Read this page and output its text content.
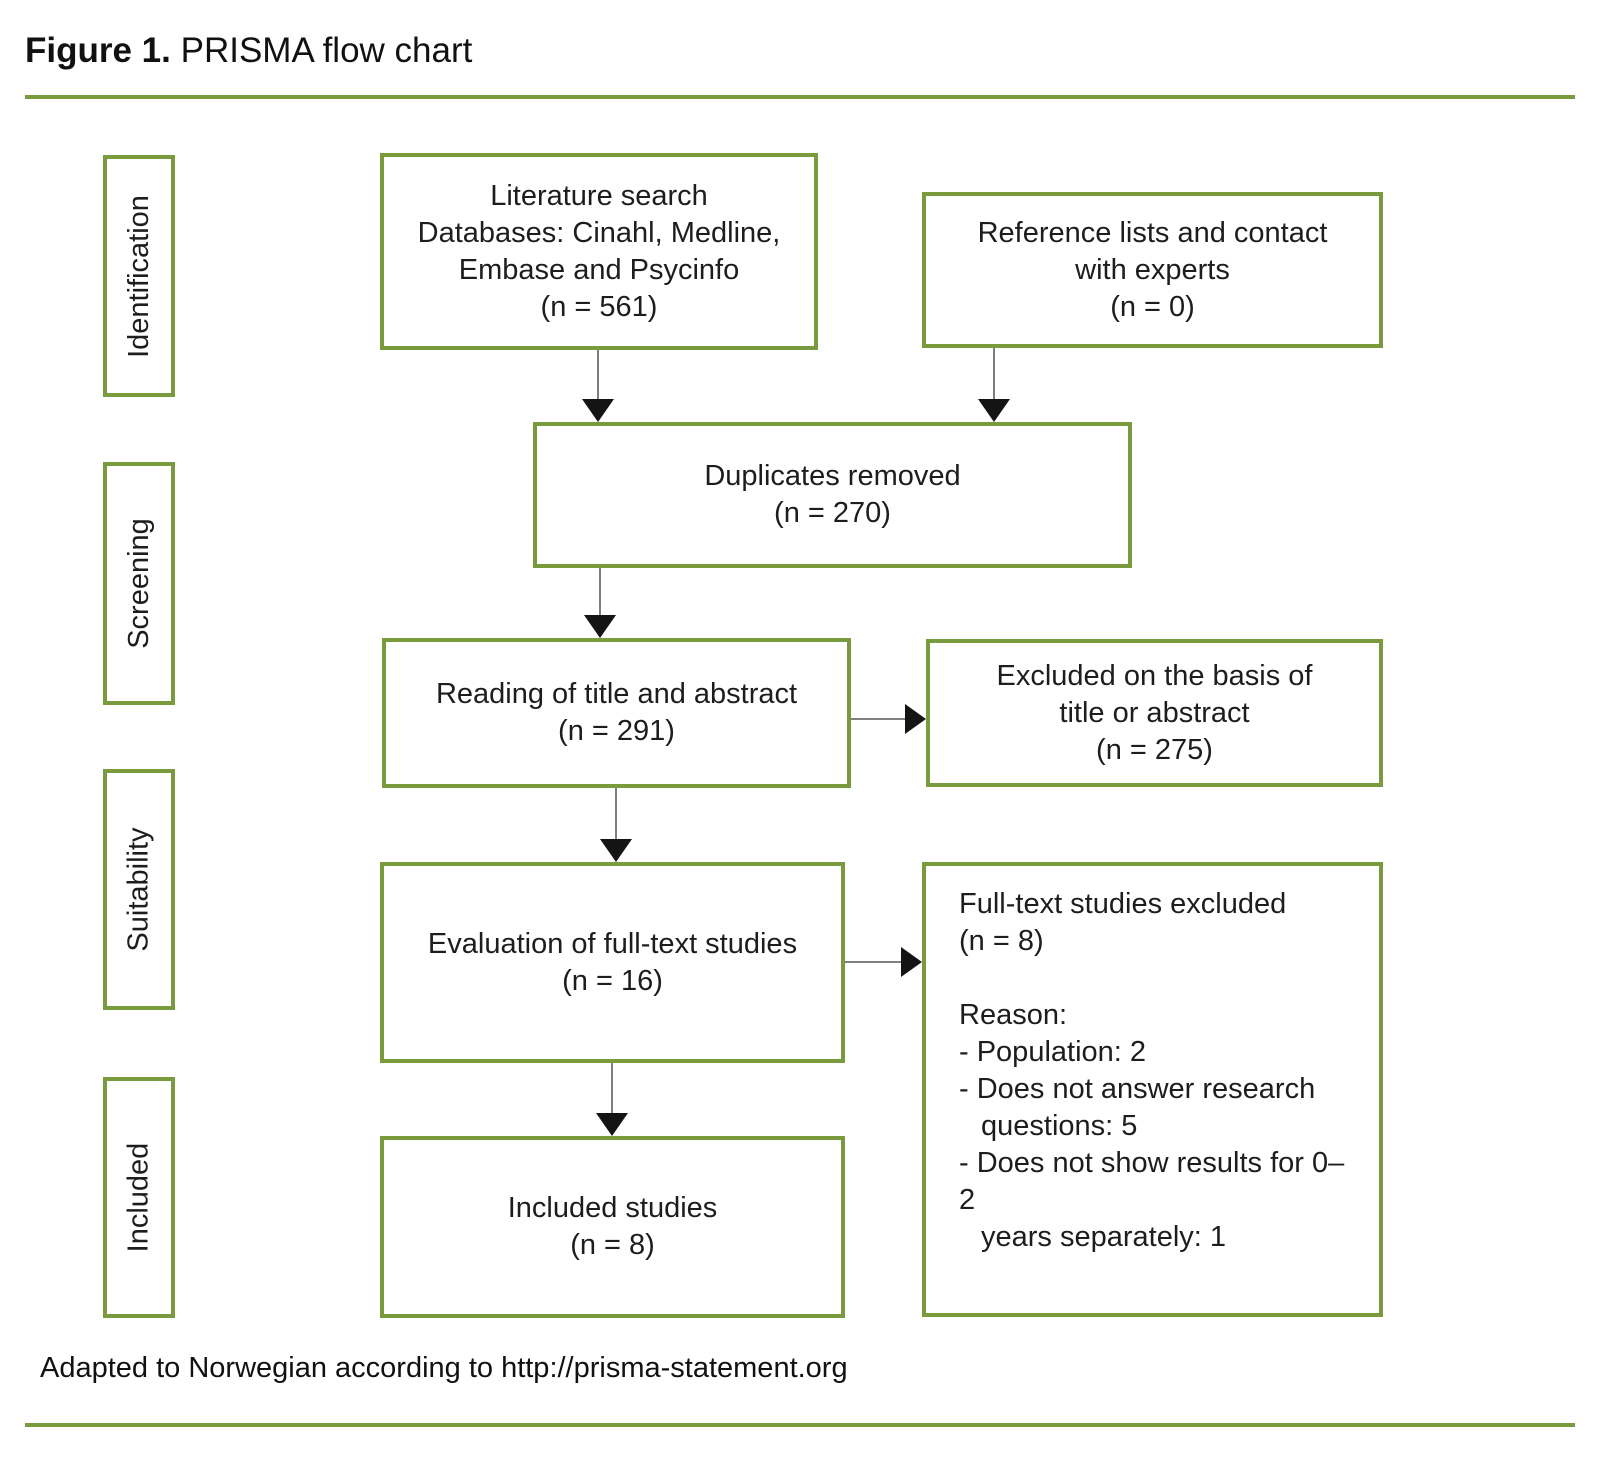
Figure 1. PRISMA flow chart
Identification
Screening
Suitability
Included
Literature search
Databases: Cinahl, Medline,
Embase and Psycinfo
(n = 561)
Reference lists and contact
with experts
(n = 0)
Duplicates removed
(n = 270)
Reading of title and abstract
(n = 291)
Excluded on the basis of
title or abstract
(n = 275)
Evaluation of full-text studies
(n = 16)
Full-text studies excluded
(n = 8)
Reason:
- Population: 2
- Does not answer research
questions: 5
- Does not show results for 0–2
years separately: 1
Included studies
(n = 8)
Adapted to Norwegian according to http://prisma-statement.org
